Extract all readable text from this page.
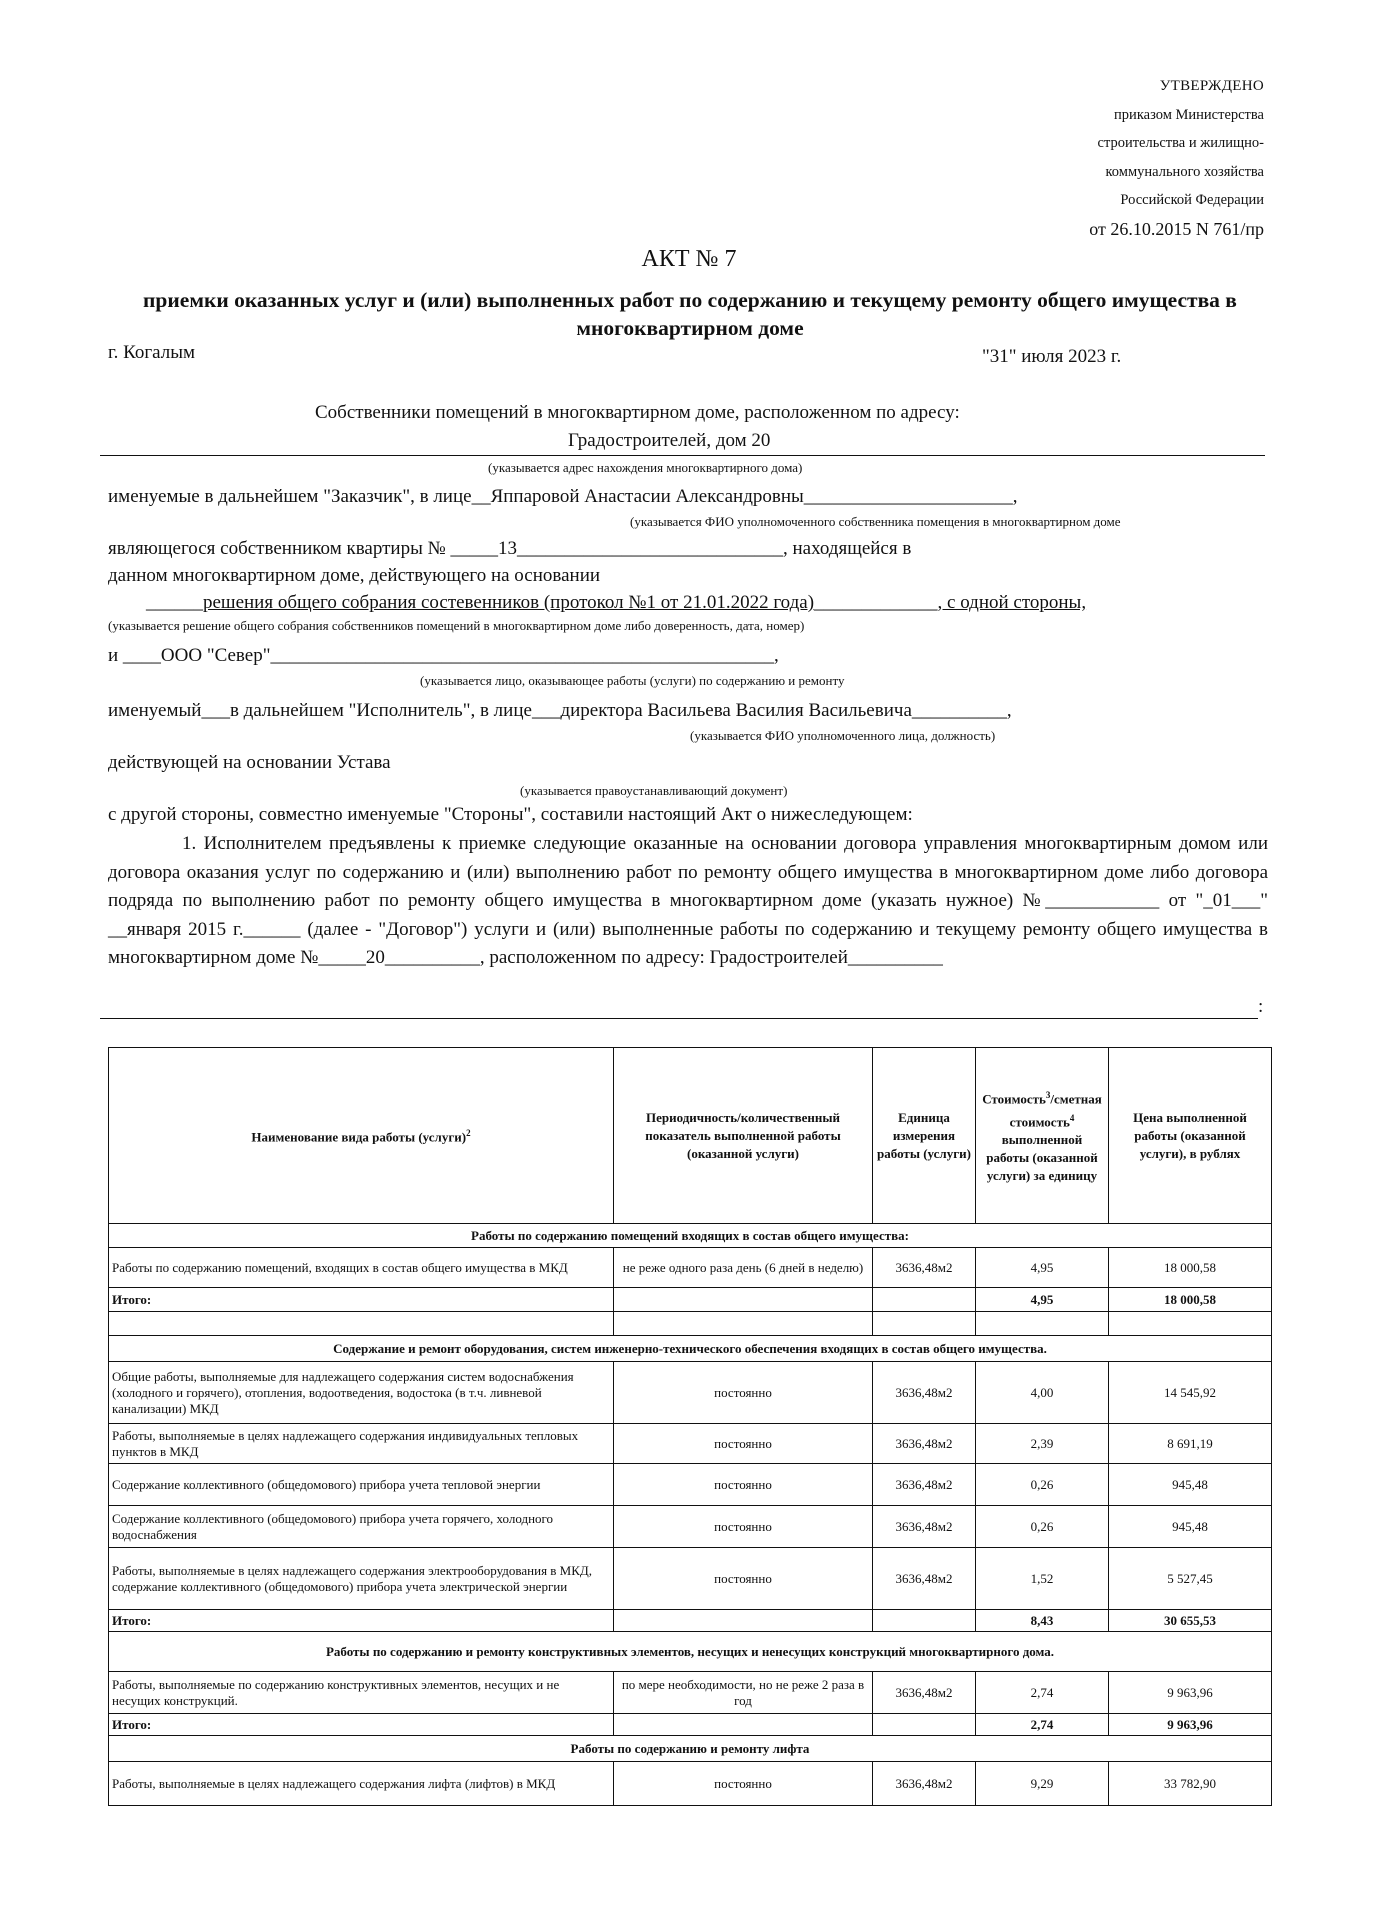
УТВЕРЖДЕНО
приказом Министерства
строительства и жилищно-
коммунального хозяйства
Российской Федерации
от 26.10.2015 N 761/пр
АКТ № 7
приемки оказанных услуг и (или) выполненных работ по содержанию и текущему ремонту общего имущества в многоквартирном доме
г. Когалым	"31" июля 2023 г.
Собственники помещений в многоквартирном доме, расположенном по адресу:
Градостроителей, дом 20
(указывается адрес нахождения многоквартирного дома)
именуемые в дальнейшем "Заказчик", в лице__Яппаровой Анастасии Александровны______________________,
(указывается ФИО уполномоченного собственника помещения в многоквартирном доме
являющегося собственником квартиры № _____13____________________________, находящейся в
данном многоквартирном доме, действующего на основании
______решения общего собрания состевенников (протокол №1 от 21.01.2022 года)_____________, с одной стороны,
(указывается решение общего собрания собственников помещений в многоквартирном доме либо доверенность, дата, номер)
и ____ООО "Север"_____________________________________________________,
(указывается лицо, оказывающее работы (услуги) по содержанию и ремонту
именуемый___в дальнейшем "Исполнитель", в лице___директора Васильева Василия Васильевича__________,
(указывается ФИО уполномоченного лица, должность)
действующей на основании Устава
(указывается правоустанавливающий документ)
с другой стороны, совместно именуемые "Стороны", составили настоящий Акт о нижеследующем:
1. Исполнителем предъявлены к приемке следующие оказанные на основании договора управления многоквартирным домом или договора оказания услуг по содержанию и (или) выполнению работ по ремонту общего имущества в многоквартирном доме либо договора подряда по выполнению работ по ремонту общего имущества в многоквартирном доме (указать нужное) №____________ от "_01___" __января 2015 г.______ (далее - "Договор") услуги и (или) выполненные работы по содержанию и текущему ремонту общего имущества в многоквартирном доме №_____20__________, расположенном по адресу: Градостроителей__________
:
Наименование вида работы (услуги)$^2$	Периодичность/количественный показатель выполненной работы (оказанной услуги)	Единица измерения работы (услуги)	Стоимость$^3$/сметная стоимость$^4$ выполненной работы (оказанной услуги) за единицу	Цена выполненной работы (оказанной услуги), в рублях
Работы по содержанию помещений входящих в состав общего имущества:				
Работы по содержанию помещений, входящих в состав общего имущества в МКД	не реже одного раза день (6 дней в неделю)	3636,48м2	4,95	18 000,58
Итого:			4,95	18 000,58

Содержание и ремонт оборудования, систем инженерно-технического обеспечения входящих в состав общего имущества.				
Общие работы, выполняемые для надлежащего содержания систем водоснабжения (холодного и горячего), отопления, водоотведения, водостока (в т.ч. ливневой канализации) МКД	постоянно	3636,48м2	4,00	14 545,92
Работы, выполняемые в целях надлежащего содержания индивидуальных тепловых пунктов в МКД	постоянно	3636,48м2	2,39	8 691,19
Содержание коллективного (общедомового) прибора учета тепловой энергии	постоянно	3636,48м2	0,26	945,48
Содержание коллективного (общедомового) прибора учета горячего, холодного водоснабжения	постоянно	3636,48м2	0,26	945,48
Работы, выполняемые в целях надлежащего содержания электрооборудования в МКД, содержание коллективного (общедомового) прибора учета электрической энергии	постоянно	3636,48м2	1,52	5 527,45
Итого:			8,43	30 655,53
Работы по содержанию и ремонту конструктивных элементов, несущих и ненесущих конструкций многоквартирного дома.				
Работы, выполняемые по содержанию конструктивных элементов, несущих и не несущих конструкций.	по мере необходимости, но не реже 2 раза в год	3636,48м2	2,74	9 963,96
Итого:			2,74	9 963,96
Работы по содержанию и ремонту лифта				
Работы, выполняемые в целях надлежащего содержания лифта (лифтов) в МКД	постоянно	3636,48м2	9,29	33 782,90
